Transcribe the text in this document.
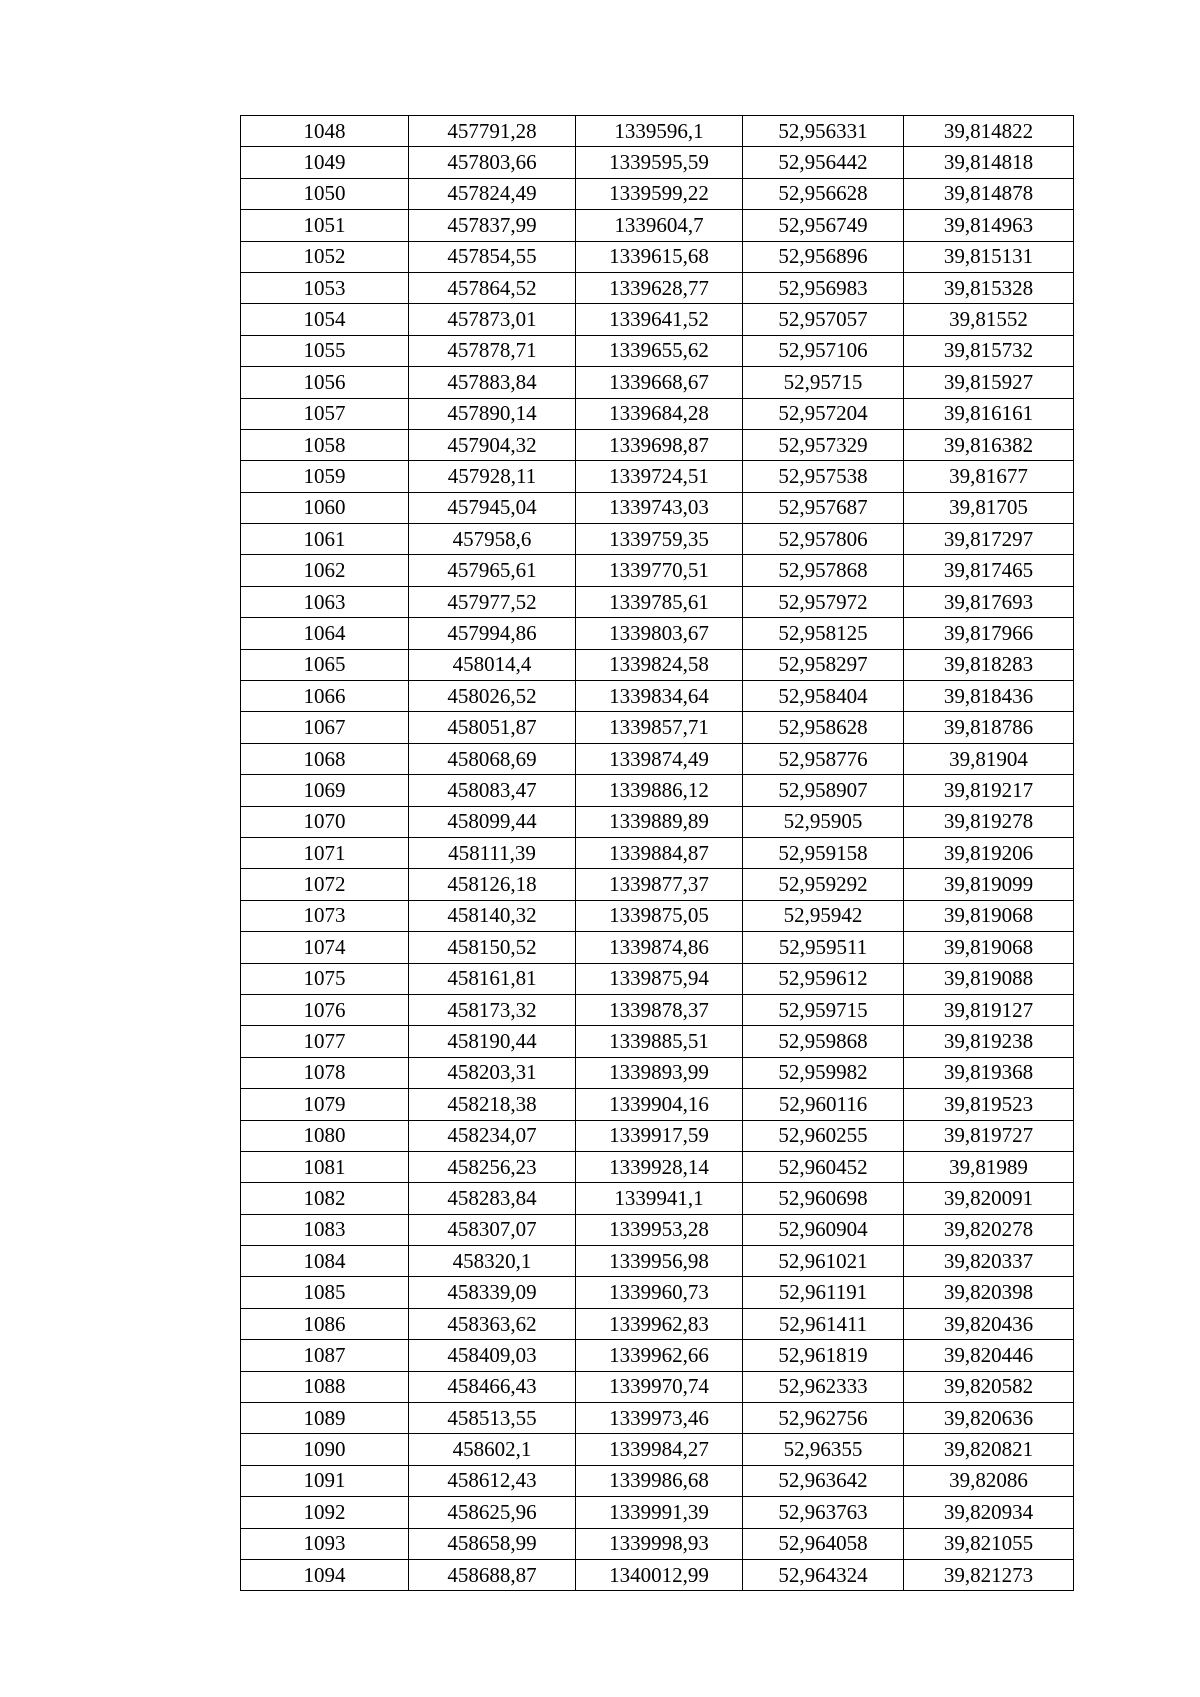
1048	457791,28	1339596,1	52,956331	39,814822
1049	457803,66	1339595,59	52,956442	39,814818
1050	457824,49	1339599,22	52,956628	39,814878
1051	457837,99	1339604,7	52,956749	39,814963
1052	457854,55	1339615,68	52,956896	39,815131
1053	457864,52	1339628,77	52,956983	39,815328
1054	457873,01	1339641,52	52,957057	39,81552
1055	457878,71	1339655,62	52,957106	39,815732
1056	457883,84	1339668,67	52,95715	39,815927
1057	457890,14	1339684,28	52,957204	39,816161
1058	457904,32	1339698,87	52,957329	39,816382
1059	457928,11	1339724,51	52,957538	39,81677
1060	457945,04	1339743,03	52,957687	39,81705
1061	457958,6	1339759,35	52,957806	39,817297
1062	457965,61	1339770,51	52,957868	39,817465
1063	457977,52	1339785,61	52,957972	39,817693
1064	457994,86	1339803,67	52,958125	39,817966
1065	458014,4	1339824,58	52,958297	39,818283
1066	458026,52	1339834,64	52,958404	39,818436
1067	458051,87	1339857,71	52,958628	39,818786
1068	458068,69	1339874,49	52,958776	39,81904
1069	458083,47	1339886,12	52,958907	39,819217
1070	458099,44	1339889,89	52,95905	39,819278
1071	458111,39	1339884,87	52,959158	39,819206
1072	458126,18	1339877,37	52,959292	39,819099
1073	458140,32	1339875,05	52,95942	39,819068
1074	458150,52	1339874,86	52,959511	39,819068
1075	458161,81	1339875,94	52,959612	39,819088
1076	458173,32	1339878,37	52,959715	39,819127
1077	458190,44	1339885,51	52,959868	39,819238
1078	458203,31	1339893,99	52,959982	39,819368
1079	458218,38	1339904,16	52,960116	39,819523
1080	458234,07	1339917,59	52,960255	39,819727
1081	458256,23	1339928,14	52,960452	39,81989
1082	458283,84	1339941,1	52,960698	39,820091
1083	458307,07	1339953,28	52,960904	39,820278
1084	458320,1	1339956,98	52,961021	39,820337
1085	458339,09	1339960,73	52,961191	39,820398
1086	458363,62	1339962,83	52,961411	39,820436
1087	458409,03	1339962,66	52,961819	39,820446
1088	458466,43	1339970,74	52,962333	39,820582
1089	458513,55	1339973,46	52,962756	39,820636
1090	458602,1	1339984,27	52,96355	39,820821
1091	458612,43	1339986,68	52,963642	39,82086
1092	458625,96	1339991,39	52,963763	39,820934
1093	458658,99	1339998,93	52,964058	39,821055
1094	458688,87	1340012,99	52,964324	39,821273
